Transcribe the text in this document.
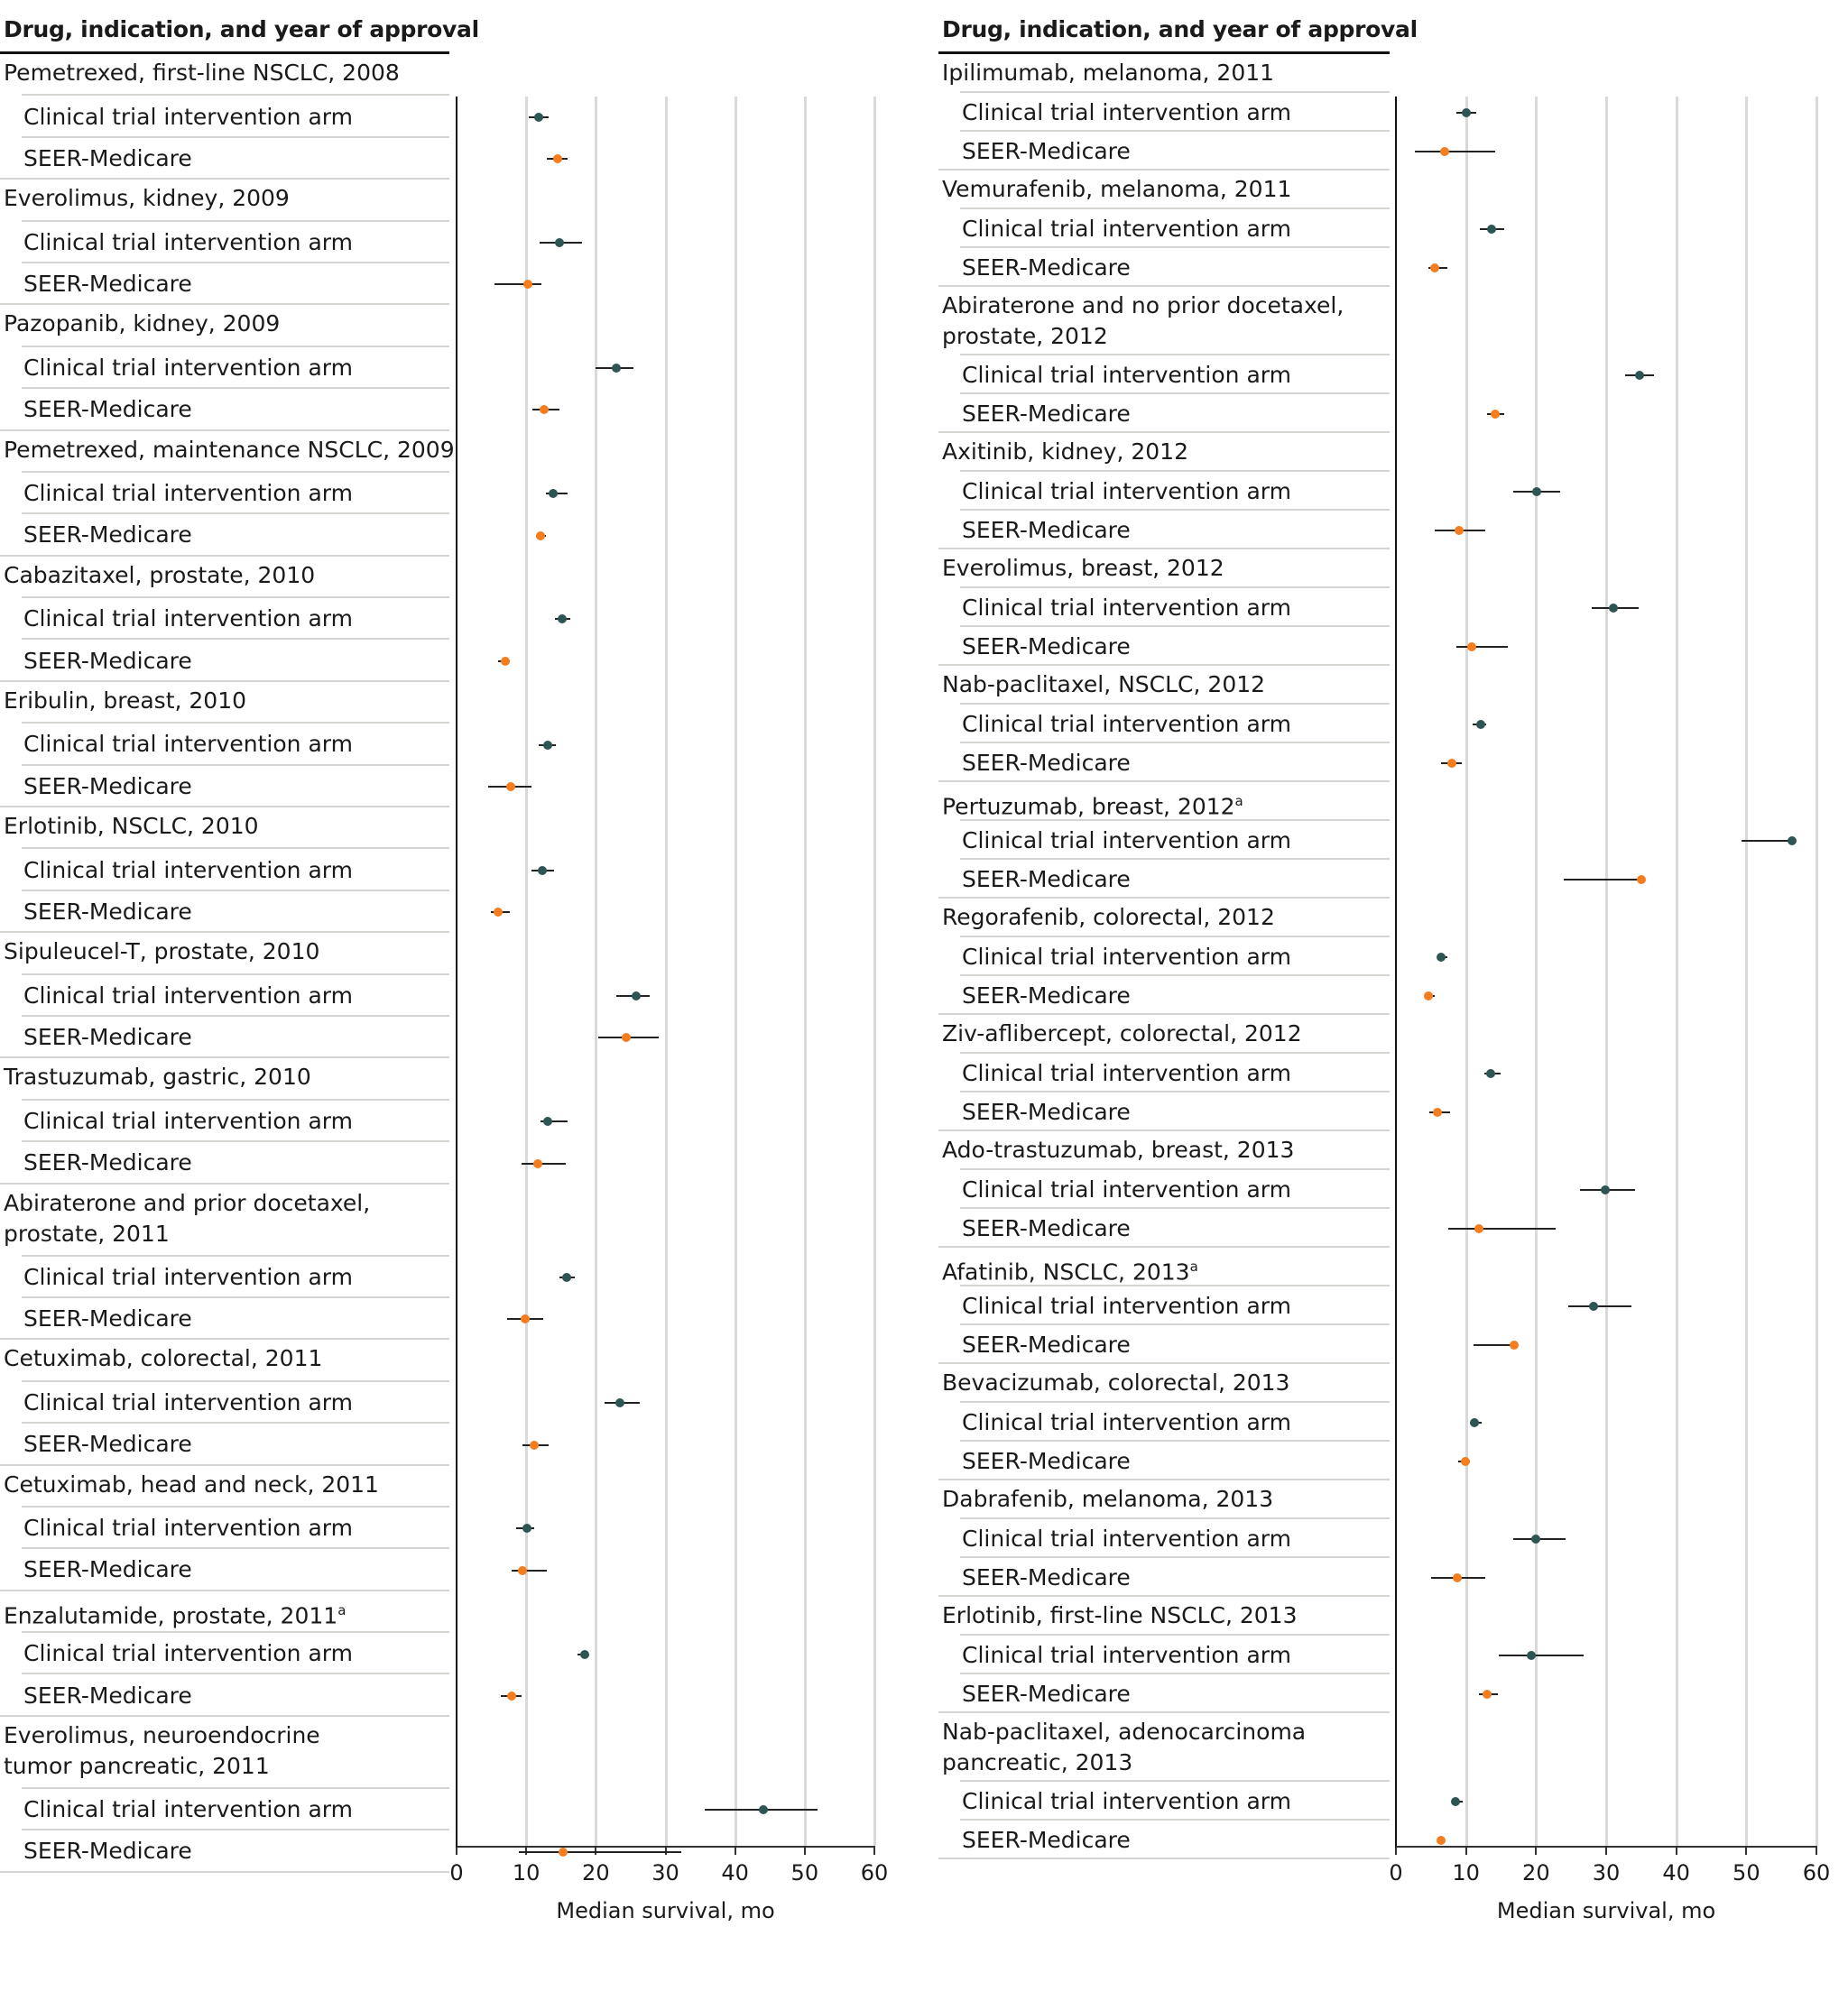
Drug, indication, and year of approval
Pemetrexed, first-line NSCLC, 2008
Clinical trial intervention arm
SEER-Medicare
Everolimus, kidney, 2009
Clinical trial intervention arm
SEER-Medicare
Pazopanib, kidney, 2009
Clinical trial intervention arm
SEER-Medicare
Pemetrexed, maintenance NSCLC, 2009
Clinical trial intervention arm
SEER-Medicare
Cabazitaxel, prostate, 2010
Clinical trial intervention arm
SEER-Medicare
Eribulin, breast, 2010
Clinical trial intervention arm
SEER-Medicare
Erlotinib, NSCLC, 2010
Clinical trial intervention arm
SEER-Medicare
Sipuleucel-T, prostate, 2010
Clinical trial intervention arm
SEER-Medicare
Trastuzumab, gastric, 2010
Clinical trial intervention arm
SEER-Medicare
Abiraterone and prior docetaxel,
prostate, 2011
Clinical trial intervention arm
SEER-Medicare
Cetuximab, colorectal, 2011
Clinical trial intervention arm
SEER-Medicare
Cetuximab, head and neck, 2011
Clinical trial intervention arm
SEER-Medicare
Enzalutamide, prostate, 2011$^a$
Clinical trial intervention arm
SEER-Medicare
Everolimus, neuroendocrine
tumor pancreatic, 2011
Clinical trial intervention arm
SEER-Medicare
0 10 20 30 40 50 60
Median survival, mo
Drug, indication, and year of approval
Ipilimumab, melanoma, 2011
Clinical trial intervention arm
SEER-Medicare
Vemurafenib, melanoma, 2011
Clinical trial intervention arm
SEER-Medicare
Abiraterone and no prior docetaxel,
prostate, 2012
Clinical trial intervention arm
SEER-Medicare
Axitinib, kidney, 2012
Clinical trial intervention arm
SEER-Medicare
Everolimus, breast, 2012
Clinical trial intervention arm
SEER-Medicare
Nab-paclitaxel, NSCLC, 2012
Clinical trial intervention arm
SEER-Medicare
Pertuzumab, breast, 2012$^a$
Clinical trial intervention arm
SEER-Medicare
Regorafenib, colorectal, 2012
Clinical trial intervention arm
SEER-Medicare
Ziv-aflibercept, colorectal, 2012
Clinical trial intervention arm
SEER-Medicare
Ado-trastuzumab, breast, 2013
Clinical trial intervention arm
SEER-Medicare
Afatinib, NSCLC, 2013$^a$
Clinical trial intervention arm
SEER-Medicare
Bevacizumab, colorectal, 2013
Clinical trial intervention arm
SEER-Medicare
Dabrafenib, melanoma, 2013
Clinical trial intervention arm
SEER-Medicare
Erlotinib, first-line NSCLC, 2013
Clinical trial intervention arm
SEER-Medicare
Nab-paclitaxel, adenocarcinoma
pancreatic, 2013
Clinical trial intervention arm
SEER-Medicare
0 10 20 30 40 50 60
Median survival, mo
